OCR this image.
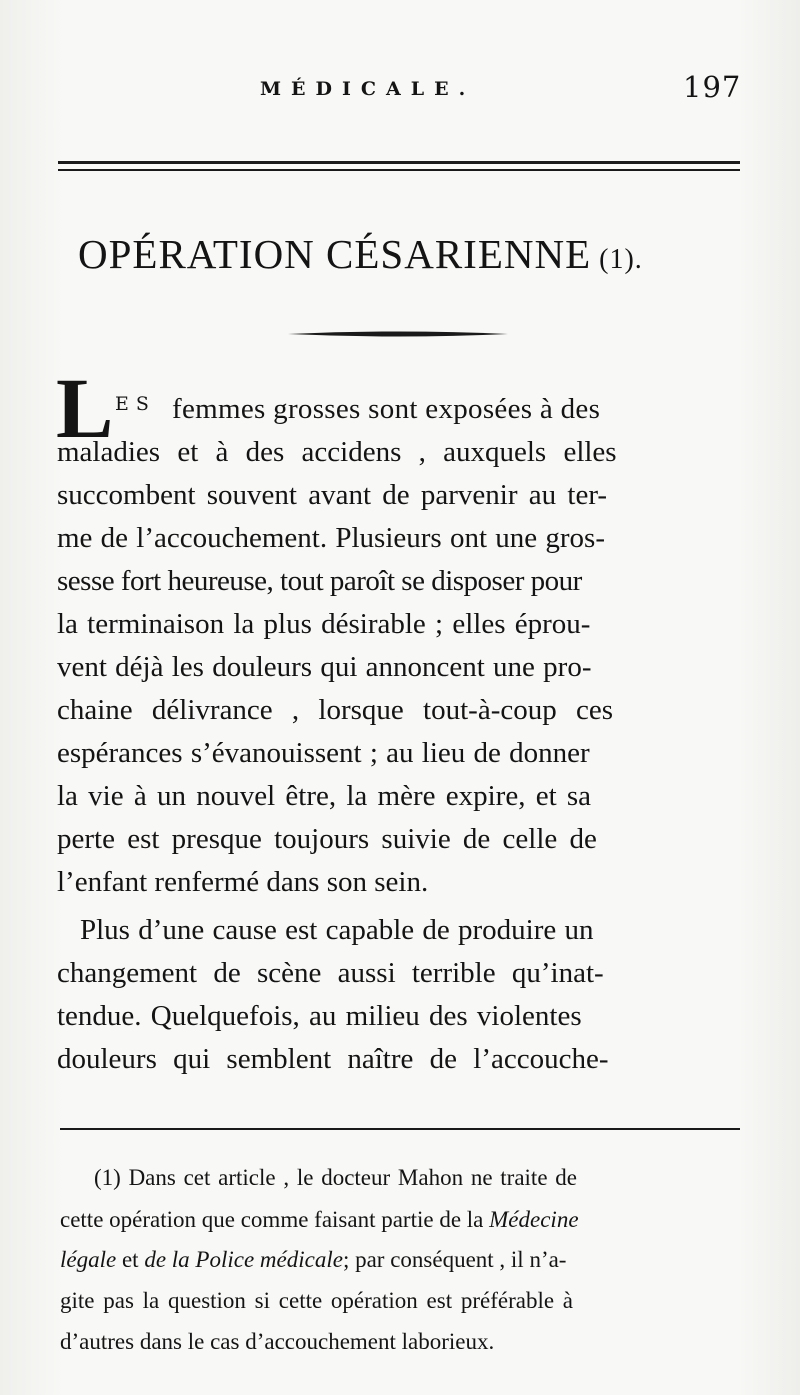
MÉDICALE.	197
OPÉRATION CÉSARIENNE (1).
L ES femmes grosses sont exposées à des
maladies et à des accidens , auxquels elles
succombent souvent avant de parvenir au ter-
me de l’accouchement. Plusieurs ont une gros-
sesse fort heureuse, tout paroît se disposer pour
la terminaison la plus désirable ; elles éprou-
vent déjà les douleurs qui annoncent une pro-
chaine délivrance , lorsque tout-à-coup ces
espérances s’évanouissent ; au lieu de donner
la vie à un nouvel être, la mère expire, et sa
perte est presque toujours suivie de celle de
l’enfant renfermé dans son sein.
Plus d’une cause est capable de produire un
changement de scène aussi terrible qu’inat-
tendue. Quelquefois, au milieu des violentes
douleurs qui semblent naître de l’accouche-
(1) Dans cet article , le docteur Mahon ne traite de
cette opération que comme faisant partie de la Médecine
légale et de la Police médicale; par conséquent , il n’a-
gite pas la question si cette opération est préférable à
d’autres dans le cas d’accouchement laborieux.
